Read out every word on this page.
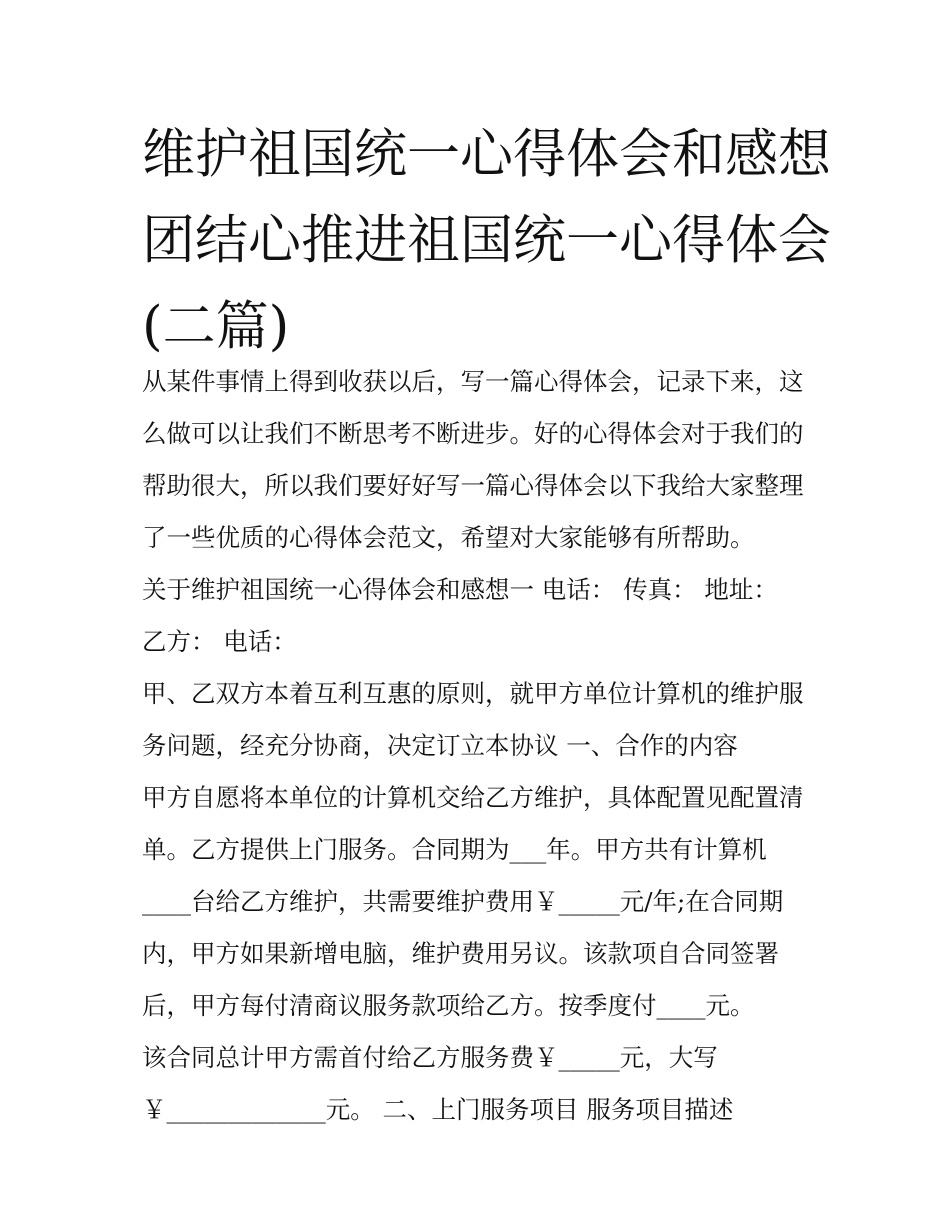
维护祖国统一心得体会和感想
团结心推进祖国统一心得体会
(二篇)
从某件事情上得到收获以后，写一篇心得体会，记录下来，这
么做可以让我们不断思考不断进步。好的心得体会对于我们的
帮助很大，所以我们要好好写一篇心得体会以下我给大家整理
了一些优质的心得体会范文，希望对大家能够有所帮助。
关于维护祖国统一心得体会和感想一 电话： 传真： 地址：
乙方： 电话：
甲、乙双方本着互利互惠的原则，就甲方单位计算机的维护服
务问题，经充分协商，决定订立本协议 一、合作的内容
甲方自愿将本单位的计算机交给乙方维护，具体配置见配置清
单。乙方提供上门服务。合同期为___年。甲方共有计算机
____台给乙方维护，共需要维护费用￥_____元/年;在合同期
内，甲方如果新增电脑，维护费用另议。该款项自合同签署
后，甲方每付清商议服务款项给乙方。按季度付____元。
该合同总计甲方需首付给乙方服务费￥_____元，大写
￥_____________元。 二、上门服务项目 服务项目描述
